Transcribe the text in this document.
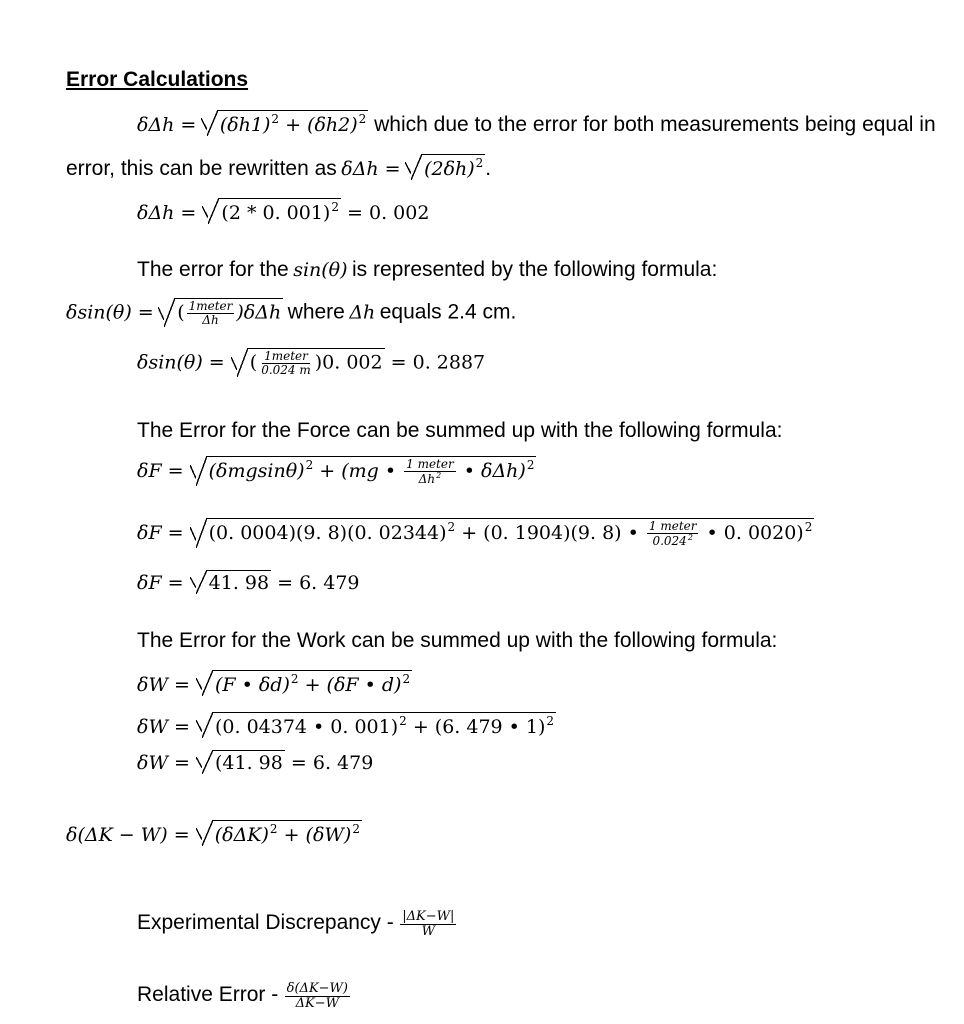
Error Calculations
$\delta\Delta h = (\delta h1)^2 + (\delta h2)^2$ which due to the error for both measurements being equal in
error, this can be rewritten as $\delta\Delta h = (2\delta h)^2$.
δΔh = (2 * 0. 001)$^2$ = 0. 002
The error for the sin(θ) is represented by the following formula:
δsin(θ) = ( $\frac{\text{1meter}}{\Delta h} )\delta\Delta h$ where Δh equals 2.4 cm.
δsin(θ) = ( $\frac{\text{1meter}}{0.024 m} )0$. 002 = 0. 2887
The Error for the Force can be summed up with the following formula:
$\delta F = (\delta mgsin\theta)^2 + (mg$ • $\frac{\text{1 meter}}{\Delta h^2}$ • δΔh)$^2$
δF = (0. 0004)(9. 8)(0. 02344)$^2$ + (0. 1904)(9. 8) • $\frac{\text{1 meter}}{0.024^2}$ • 0. 0020)$^2$
δF = 41. 98 = 6. 479
The Error for the Work can be summed up with the following formula:
δW = (F • δd)$^2$ + (δF • d)$^2$
δW = (0. 04374 • 0. 001)$^2$ + (6. 479 • 1)$^2$
δW = (41. 98 = 6. 479
$\delta(\Delta K - W) = (\delta\Delta K)^2 + (\delta W)^2$
Experimental Discrepancy - $\frac{|\Delta K-W|}{W}$
Relative Error - $\frac{\delta(\Delta K-W)}{\Delta K-W}$
